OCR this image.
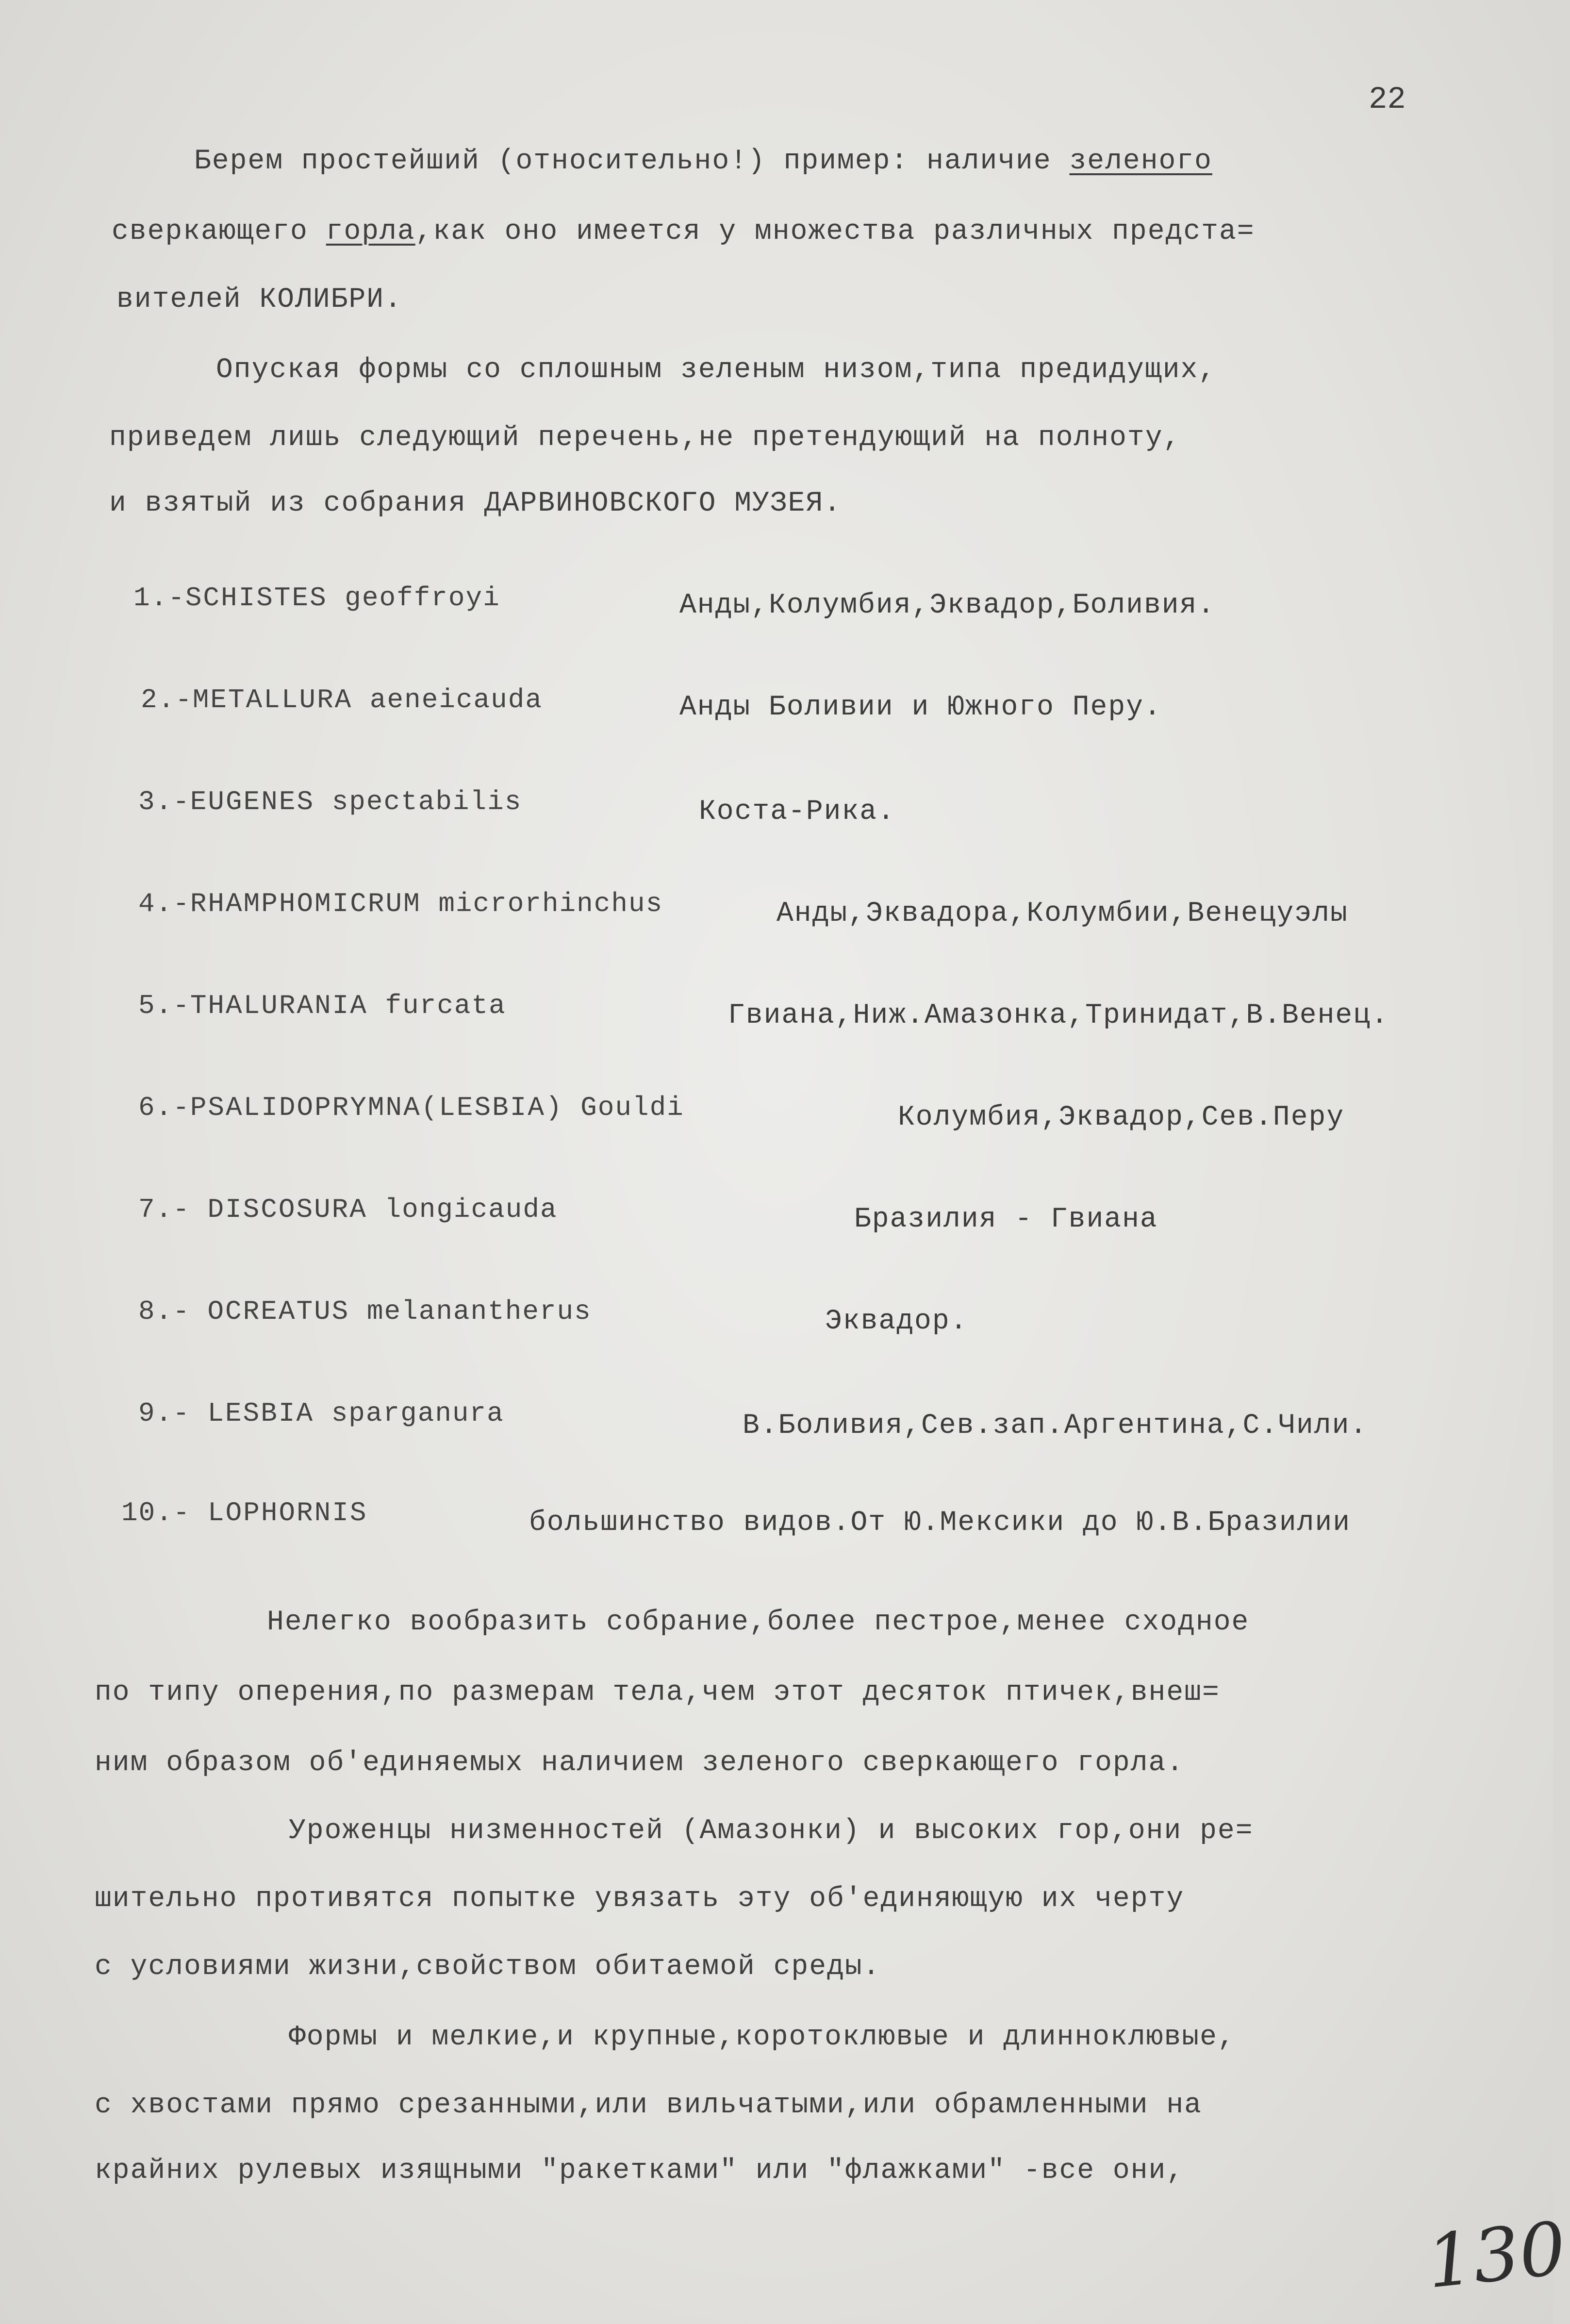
22
Берем простейший (относительно!) пример: наличие зеленого
сверкающего горла,как оно имеется у множества различных предста=
вителей КОЛИБРИ.
Опуская формы со сплошным зеленым низом,типа предидущих,
приведем лишь следующий перечень,не претендующий на полноту,
и взятый из собрания ДАРВИНОВСКОГО МУЗЕЯ.
1.-SCHISTES geoffroyi	Анды,Колумбия,Эквадор,Боливия.
2.-METALLURA aeneicauda	Анды Боливии и Южного Перу.
3.-EUGENES spectabilis	Коста-Рика.
4.-RHAMPHOMICRUM microrhinchus	Анды,Эквадора,Колумбии,Венецуэлы
5.-THALURANIA furcata	Гвиана,Ниж.Амазонка,Тринидат,В.Венец.
6.-PSALIDOPRYMNA(LESBIA) Gouldi	Колумбия,Эквадор,Сев.Перу
7.- DISCOSURA longicauda	Бразилия - Гвиана
8.- OCREATUS melanantherus	Эквадор.
9.- LESBIA sparganura	В.Боливия,Сев.зап.Аргентина,С.Чили.
10.- LOPHORNIS	большинство видов.От Ю.Мексики до Ю.В.Бразилии
Нелегко вообразить собрание,более пестрое,менее сходное
по типу оперения,по размерам тела,чем этот десяток птичек,внеш=
ним образом об'единяемых наличием зеленого сверкающего горла.
Уроженцы низменностей (Амазонки) и высоких гор,они ре=
шительно противятся попытке увязать эту об'единяющую их черту
с условиями жизни,свойством обитаемой среды.
Формы и мелкие,и крупные,коротоклювые и длинноклювые,
с хвостами прямо срезанными,или вильчатыми,или обрамленными на
крайних рулевых изящными "ракетками" или "флажками" -все они,
130
